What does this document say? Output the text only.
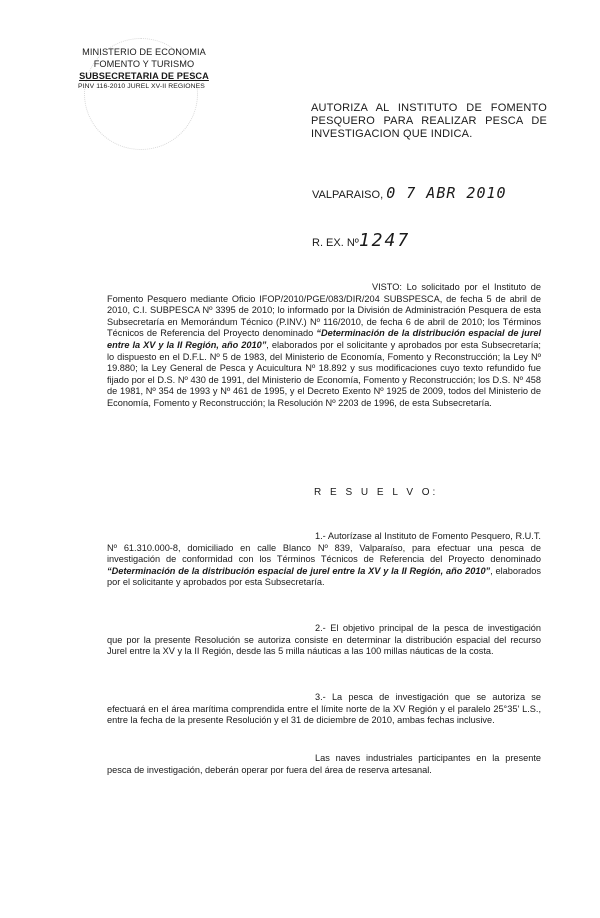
MINISTERIO DE ECONOMIA
FOMENTO Y TURISMO
SUBSECRETARIA DE PESCA
PINV 116-2010 JUREL XV-II REGIONES
AUTORIZA AL INSTITUTO DE FOMENTO PESQUERO PARA REALIZAR PESCA DE INVESTIGACION QUE INDICA.
VALPARAISO, 0 7 ABR 2010
R. EX. Nº1247
VISTO: Lo solicitado por el Instituto de Fomento Pesquero mediante Oficio IFOP/2010/PGE/083/DIR/204 SUBSPESCA, de fecha 5 de abril de 2010, C.I. SUBPESCA Nº 3395 de 2010; lo informado por la División de Administración Pesquera de esta Subsecretaría en Memorándum Técnico (P.INV.) Nº 116/2010, de fecha 6 de abril de 2010; los Términos Técnicos de Referencia del Proyecto denominado “Determinación de la distribución espacial de jurel entre la XV y la II Región, año 2010”, elaborados por el solicitante y aprobados por esta Subsecretaría; lo dispuesto en el D.F.L. Nº 5 de 1983, del Ministerio de Economía, Fomento y Reconstrucción; la Ley Nº 19.880; la Ley General de Pesca y Acuicultura Nº 18.892 y sus modificaciones cuyo texto refundido fue fijado por el D.S. Nº 430 de 1991, del Ministerio de Economía, Fomento y Reconstrucción; los D.S. Nº 458 de 1981, Nº 354 de 1993 y Nº 461 de 1995, y el Decreto Exento Nº 1925 de 2009, todos del Ministerio de Economía, Fomento y Reconstrucción; la Resolución Nº 2203 de 1996, de esta Subsecretaría.
R E S U E L V O:
1.- Autorízase al Instituto de Fomento Pesquero, R.U.T. Nº 61.310.000-8, domiciliado en calle Blanco Nº 839, Valparaíso, para efectuar una pesca de investigación de conformidad con los Términos Técnicos de Referencia del Proyecto denominado “Determinación de la distribución espacial de jurel entre la XV y la II Región, año 2010”, elaborados por el solicitante y aprobados por esta Subsecretaría.
2.- El objetivo principal de la pesca de investigación que por la presente Resolución se autoriza consiste en determinar la distribución espacial del recurso Jurel entre la XV y la II Región, desde las 5 milla náuticas a las 100 millas náuticas de la costa.
3.- La pesca de investigación que se autoriza se efectuará en el área marítima comprendida entre el límite norte de la XV Región y el paralelo 25°35' L.S., entre la fecha de la presente Resolución y el 31 de diciembre de 2010, ambas fechas inclusive.
Las naves industriales participantes en la presente pesca de investigación, deberán operar por fuera del área de reserva artesanal.
